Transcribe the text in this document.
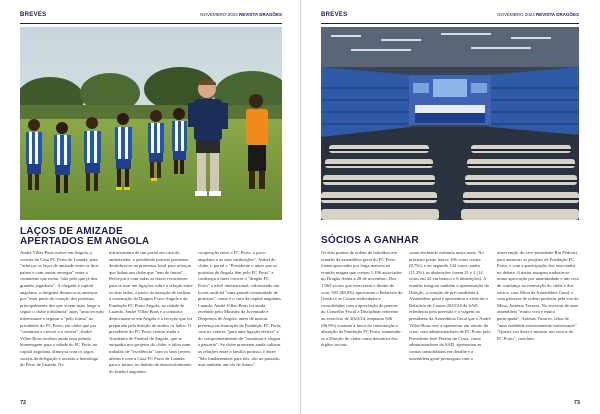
BREVES	NOVEMBRO 2024 REVISTA DRAGÕES
LAÇOS DE AMIZADE
APERTADOS EM ANGOLA
André Villas-Boas esteve em Angola, a convite da Casa FC Porto de Luanda, para "reforçar os laços de amizade entre os dois países e com outras entregas" entre o continente que inclui "não pelo que já deu grandes jogadores". A chegada à capital angolana, o dirigente destacou as ameaças por "estar perto do coração dos portistas, principalmente dos que vivem mais longe a seguir o clube à distância" após "uma receção interessante e segurar a "pelo forma" no presidente do FC Porto, em clube que por "continuar a crescer e a vencer". André Villas-Boas recebeu ainda uma prenda homenagem para a cidade do FC Porto na capital angolana, almoçou com os jogos sociais da delegação e assistiu a homologo do Petro de Luanda. Na
infraestrutura de um portal em casa do embaixador, o presidente portista prometeu desdobrar-se na promessa local para reforçar que linhas um clube que "tem de futuro". Reforçou a com todas as frases recorrentes para se usar em ligações sobre a relação entre os dois lados, a partir da intenção de realizar a construção do Dragon Force Angola e da Fundação FC Porto Angola, na cidade de Luanda. André Villas-Boas e a comitiva deslocaram-se em Angola e a receção que foi preparada pela direção de ambos os lados. O presidente do FC Porto visitou ainda a Academia de Futebol de Angola, que se enquadra nos projetos do clube, e falou num trabalho de "excelência" com os seus jovens atletas e com a Casa FC Porto de Luanda para o futuro, no âmbito de desenvolvimento do futebol angolano.
cooperação entre o FC Porto, o povo angolano e as suas instituições". Atitud do clube, o portal o "Presidente o amor que os portistas de Angola têm pelo FC Porto" e confiança a fazer crescer o "dragão FC Porto" a nível internacional, valorizando em locais onde há "uma grande comunidade de portistas", como é o caso da capital angolana, Luanda. André Villas-Boas foi ainda recebido pelo Ministro da Juventude e Desportos de Angola, antes de marcar presença na formação da Fundação FC Porto, com os valores "para uma ligação efetiva" e do comprometimento de "continuar a elogiar a parceria". Se clube prometeu ainda cultivar as relações entre a família portista, e dizer: "São fundamentais para nós, são no passado, mas também um elo de futuro".
72
BREVES	NOVEMBRO 2024 REVISTA DRAGÕES
SÓCIOS A GANHAR
Os dois pontos de ordem de trabalhos em reunião da assembleia geral do FC Porto foram aprovados por larga maioria na reunião magna que contou 1.196 associados no Dragão Arena a 28 de novembro. Dos 1.062 sócios que exerceram o direito de voto, 935 (88,0%) aprovaram o Relatório de Gestão e as Contas individuais e consolidadas com a apreciação de parecer do Conselho Fiscal e Disciplinar referente ao exercício de 2023/24, enquanto 926 (86,9%) votaram a favor da constituição e alteração da Fundação FC Porto, mantendo-se a Direção do clube como detentora dos órgãos sociais.
como enchendo estímulo nesta noite. No primeiro ponto houve 106 votos contra (8,7%), e no segundo 134 votos contra (11,2%), as abstenções foram 21 e 2 (14 votos em 22 em branco e 6 abstenções). A reunião integrou também a apresentação da Direção, a votação de pré-candidato à Assembleia geral e apresentou a visão de o Relatório de Contas 2023/24 da SAD, relevância pela previsão e a viagem ao presidente da Assembleia Geral que o André Villas-Boas teve a apresentar um retrato da crise, com administradores de FC Porto pelo Presidente José Pereira da Costa, como administradores da SAD, apresentou as contas consolidadas em detalhe e a assembleia geral prosseguiu com o
intervenção do vice-presidente Rui Pedrotti, para anunciar os projetos da Fundação FC Porto, e com a participação dos associados no debate. A maior margem traduziu-se numa aprovação por unanimidade e um voto de confiança na renovação do clube e dos sócios, com Mesa da Assembleia Geral, e com palavras de ordem portistas pela voz de Mesa, António Tavares. No encerrar de uma assembleia "muito viva e muito participada", António Tavares, falou de "uma realidade extremamente interessante". "Queria vos dizer e mostrar aos sócios do FC Porto", concluiu.
73
